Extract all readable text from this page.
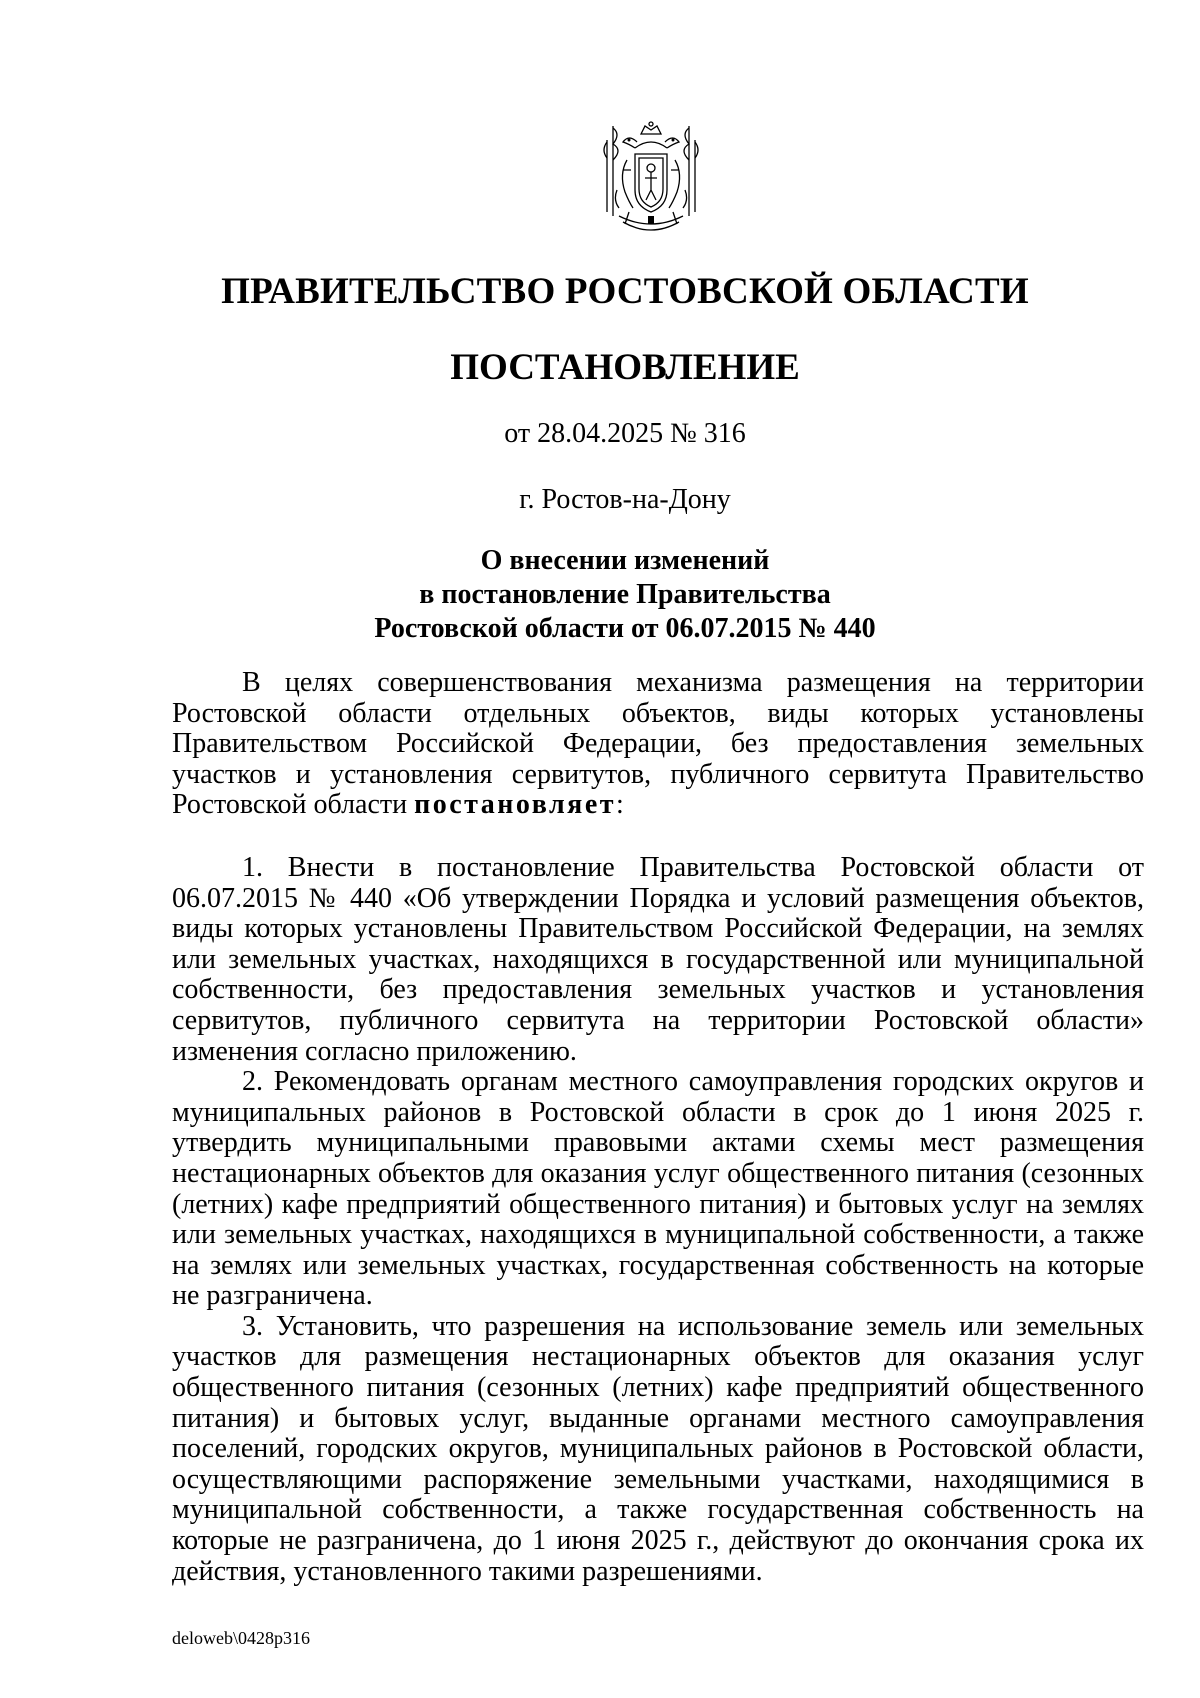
ПРАВИТЕЛЬСТВО РОСТОВСКОЙ ОБЛАСТИ
ПОСТАНОВЛЕНИЕ
от 28.04.2025 № 316
г. Ростов-на-Дону
О внесении изменений
в постановление Правительства
Ростовской области от 06.07.2015 № 440

В целях совершенствования механизма размещения на территории Ростовской области отдельных объектов, виды которых установлены Правительством Российской Федерации, без предоставления земельных участков и установления сервитутов, публичного сервитута Правительство Ростовской области постановляет:

1. Внести в постановление Правительства Ростовской области от 06.07.2015 № 440 «Об утверждении Порядка и условий размещения объектов, виды которых установлены Правительством Российской Федерации, на землях или земельных участках, находящихся в государственной или муниципальной собственности, без предоставления земельных участков и установления сервитутов, публичного сервитута на территории Ростовской области» изменения согласно приложению.

2. Рекомендовать органам местного самоуправления городских округов и муниципальных районов в Ростовской области в срок до 1 июня 2025 г. утвердить муниципальными правовыми актами схемы мест размещения нестационарных объектов для оказания услуг общественного питания (сезонных (летних) кафе предприятий общественного питания) и бытовых услуг на землях или земельных участках, находящихся в муниципальной собственности, а также на землях или земельных участках, государственная собственность на которые не разграничена.

3. Установить, что разрешения на использование земель или земельных участков для размещения нестационарных объектов для оказания услуг общественного питания (сезонных (летних) кафе предприятий общественного питания) и бытовых услуг, выданные органами местного самоуправления поселений, городских округов, муниципальных районов в Ростовской области, осуществляющими распоряжение земельными участками, находящимися в муниципальной собственности, а также государственная собственность на которые не разграничена, до 1 июня 2025 г., действуют до окончания срока их действия, установленного такими разрешениями.

deloweb\0428p316
